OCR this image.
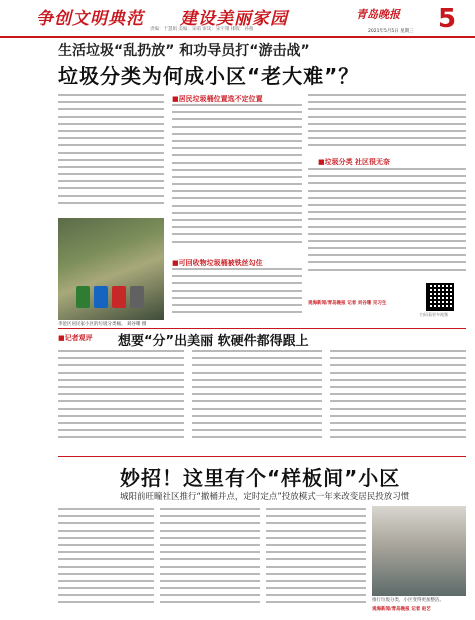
争创文明典范 建设美丽家园
责编：于慧娟 美编：宋萌 审读：宋宇翔 排版：孙燕
青岛晚报
2021年5月5日 星期三 5
生活垃圾“乱扔放” 和功导员打“游击战”
垃圾分类为何成小区“老大难”？
■居民垃圾桶位置选不定位置
■可回收物垃圾桶被铁丝勾住
■垃圾分类 社区很无奈
观海新闻/青岛晚报 记者 刘谷珊 见习生
扫码看更多视频
李沧区居民家小区的垃圾分类桶。 刘谷珊 摄
■记者观评 想要“分”出美丽 软硬件都得跟上
妙招！这里有个“样板间”小区
城阳前旺疃社区推行“撤桶并点，定时定点”投放模式一年来改变居民投放习惯
推行垃圾分类，小区变得更加整洁。
观海新闻/青岛晚报 记者 赵艺
